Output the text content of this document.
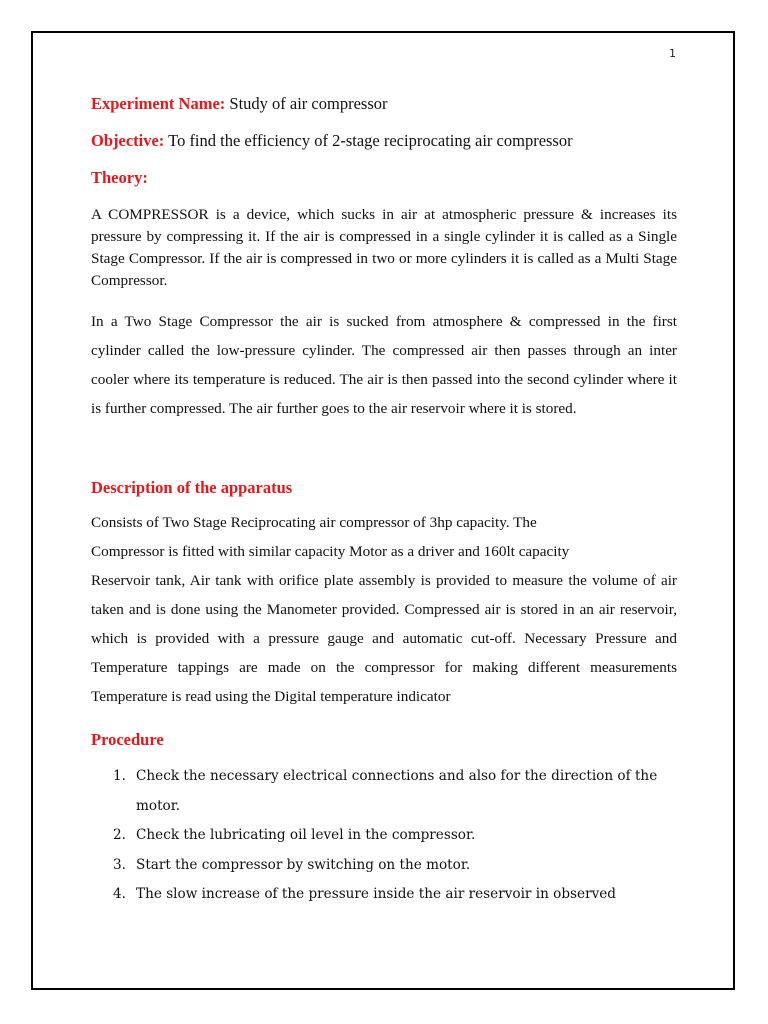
1
Experiment Name: Study of air compressor
Objective: To find the efficiency of 2-stage reciprocating air compressor
Theory:
A COMPRESSOR is a device, which sucks in air at atmospheric pressure & increases its pressure by compressing it. If the air is compressed in a single cylinder it is called as a Single Stage Compressor. If the air is compressed in two or more cylinders it is called as a Multi Stage Compressor.
In a Two Stage Compressor the air is sucked from atmosphere & compressed in the first cylinder called the low-pressure cylinder. The compressed air then passes through an inter cooler where its temperature is reduced. The air is then passed into the second cylinder where it is further compressed. The air further goes to the air reservoir where it is stored.
Description of the apparatus
Consists of Two Stage Reciprocating air compressor of 3hp capacity. The
Compressor is fitted with similar capacity Motor as a driver and 160lt capacity
Reservoir tank, Air tank with orifice plate assembly is provided to measure the volume of air taken and is done using the Manometer provided. Compressed air is stored in an air reservoir, which is provided with a pressure gauge and automatic cut-off. Necessary Pressure and Temperature tappings are made on the compressor for making different measurements Temperature is read using the Digital temperature indicator
Procedure
1. Check the necessary electrical connections and also for the direction of the motor.
2. Check the lubricating oil level in the compressor.
3. Start the compressor by switching on the motor.
4. The slow increase of the pressure inside the air reservoir in observed
